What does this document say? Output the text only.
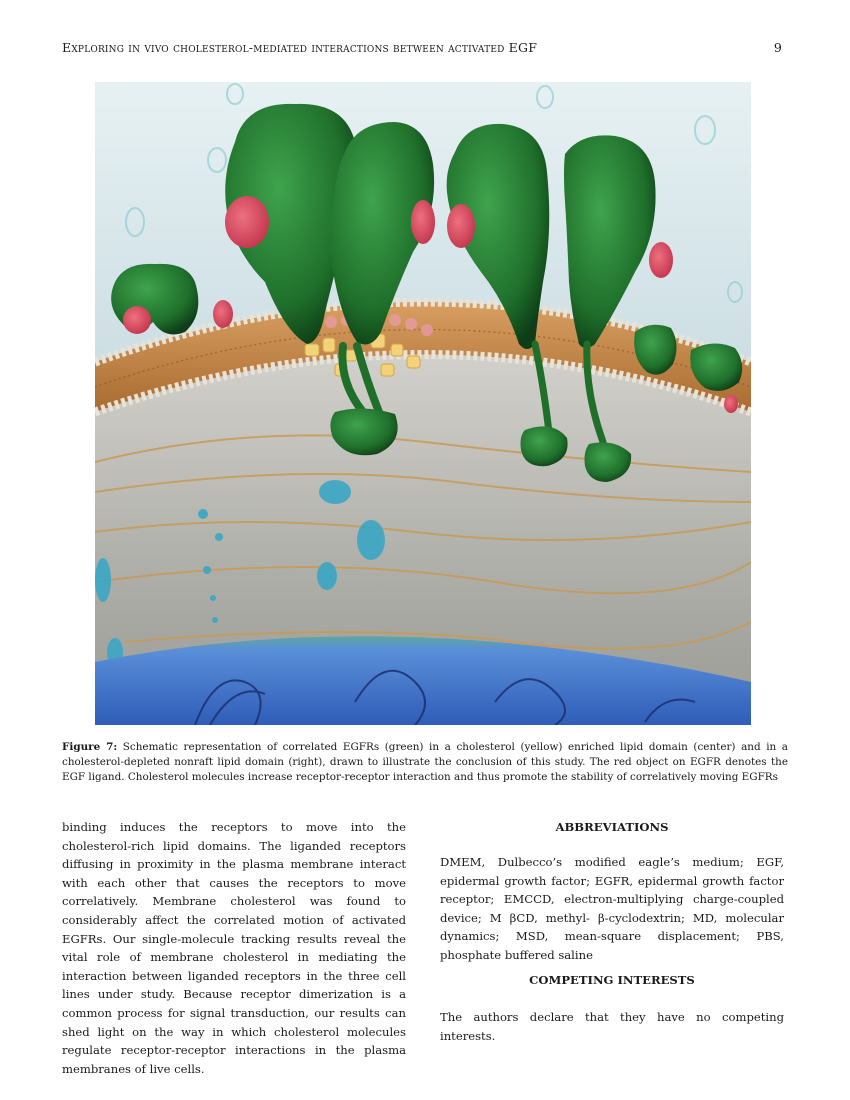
Exploring in vivo cholesterol-mediated interactions between activated EGF	9
Figure 7: Schematic representation of correlated EGFRs (green) in a cholesterol (yellow) enriched lipid domain (center) and in a cholesterol-depleted nonraft lipid domain (right), drawn to illustrate the conclusion of this study. The red object on EGFR denotes the EGF ligand. Cholesterol molecules increase receptor-receptor interaction and thus promote the stability of correlatively moving EGFRs
binding induces the receptors to move into the cholesterol-rich lipid domains. The liganded receptors diffusing in proximity in the plasma membrane interact with each other that causes the receptors to move correlatively. Membrane cholesterol was found to considerably affect the correlated motion of activated EGFRs. Our single-molecule tracking results reveal the vital role of membrane cholesterol in mediating the interaction between liganded receptors in the three cell lines under study. Because receptor dimerization is a common process for signal transduction, our results can shed light on the way in which cholesterol molecules regulate receptor-receptor interactions in the plasma membranes of live cells.

ABBREVIATIONS

DMEM, Dulbecco’s modified eagle’s medium; EGF, epidermal growth factor; EGFR, epidermal growth factor receptor; EMCCD, electron-multiplying charge-coupled device; M βCD, methyl- β-cyclodextrin; MD, molecular dynamics; MSD, mean-square displacement; PBS, phosphate buffered saline

COMPETING INTERESTS

The authors declare that they have no competing interests.
